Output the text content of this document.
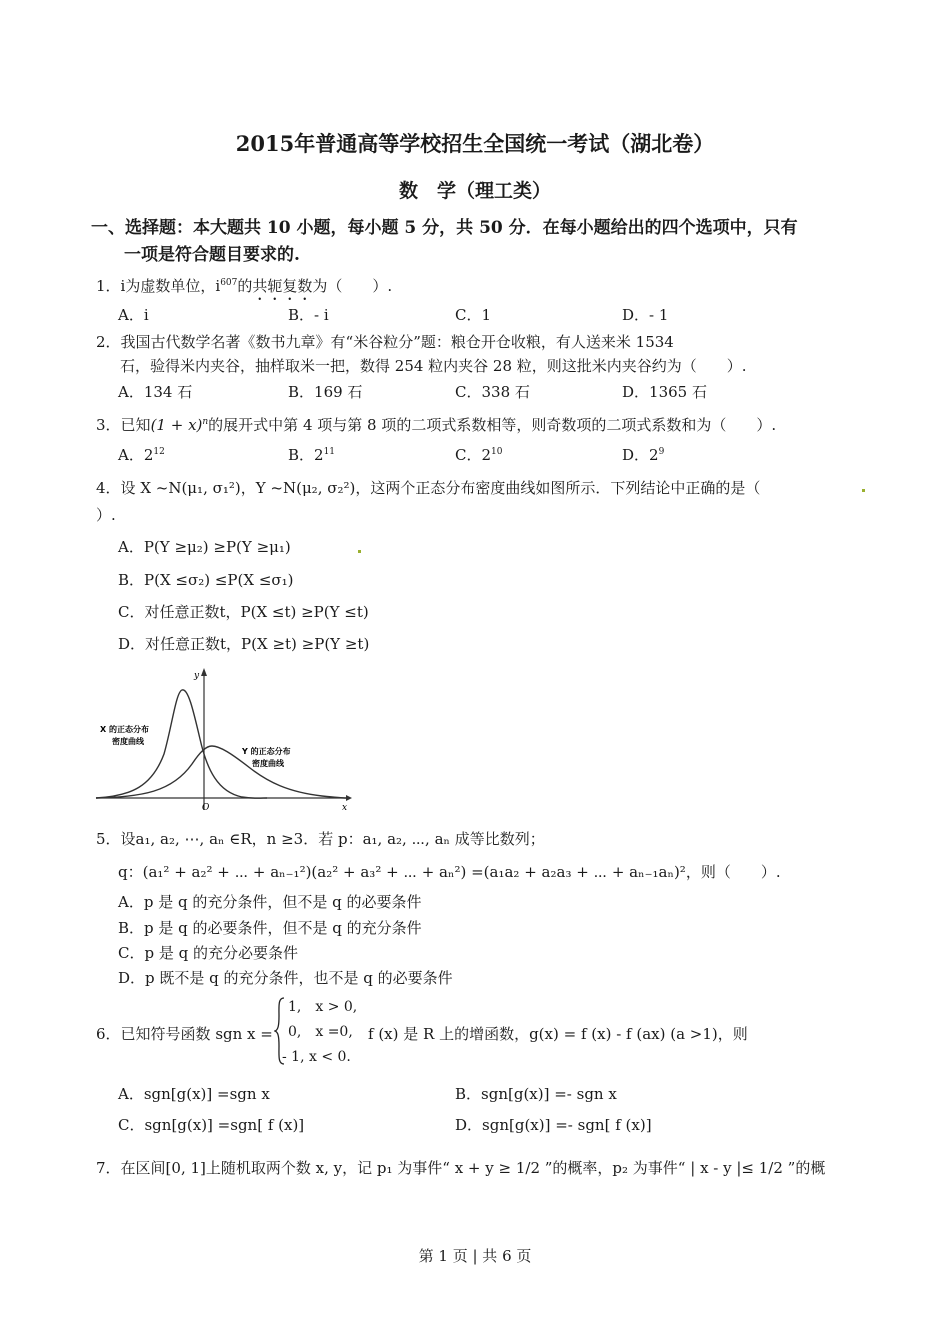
2015年普通高等学校招生全国统一考试（湖北卷）
数　学（理工类）
一、选择题：本大题共 10 小题，每小题 5 分，共 50 分．在每小题给出的四个选项中，只有
一项是符合题目要求的.
1．i为虚数单位，$i^{607}$的共轭复数为（　　）.
A．i	B．- i	C．1	D．- 1
2．我国古代数学名著《数书九章》有“米谷粒分”题：粮仓开仓收粮，有人送来米 1534
石，验得米内夹谷，抽样取米一把，数得 254 粒内夹谷 28 粒，则这批米内夹谷约为（　　）.
A．134 石	B．169 石	C．338 石	D．1365 石
3．已知$(1 + x)^n$的展开式中第 4 项与第 8 项的二项式系数相等，则奇数项的二项式系数和为（　　）.
A．$2^{12}$	B．$2^{11}$	C．$2^{10}$	D．$2^9$
4．设 X ~N(μ₁, σ₁²)，Y ~N(μ₂, σ₂²)，这两个正态分布密度曲线如图所示．下列结论中正确的是（
）.
A．P(Y ≥μ₂) ≥P(Y ≥μ₁)
B．P(X ≤σ₂) ≤P(X ≤σ₁)
C．对任意正数t，P(X ≤t) ≥P(Y ≤t)
D．对任意正数t，P(X ≥t) ≥P(Y ≥t)
X 的正态分布
密度曲线
Y 的正态分布
密度曲线
y
x
O
5．设a₁, a₂, ⋯, aₙ ∈R，n ≥3．若 p：a₁, a₂, ⋯, aₙ 成等比数列；
q：(a₁² + a₂² + ⋯ + aₙ₋₁²)(a₂² + a₃² + ⋯ + aₙ²) =(a₁a₂ + a₂a₃ + ⋯ + aₙ₋₁aₙ)²，则（　　）.
A．p 是 q 的充分条件，但不是 q 的必要条件
B．p 是 q 的必要条件，但不是 q 的充分条件
C．p 是 q 的充分必要条件
D．p 既不是 q 的充分条件，也不是 q 的必要条件
6．已知符号函数 sgn x =
1,　x > 0,
0,　x =0,
- 1, x < 0.
f (x) 是 R 上的增函数，g(x) = f (x) - f (ax) (a >1)，则
A．sgn[g(x)] =sgn x	B．sgn[g(x)] =- sgn x
C．sgn[g(x)] =sgn[ f (x)]	D．sgn[g(x)] =- sgn[ f (x)]
7．在区间[0, 1]上随机取两个数 x, y，记 p₁ 为事件“ x + y ≥ 1/2 ”的概率，p₂ 为事件“ | x - y |≤ 1/2 ”的概
第 1 页 | 共 6 页
